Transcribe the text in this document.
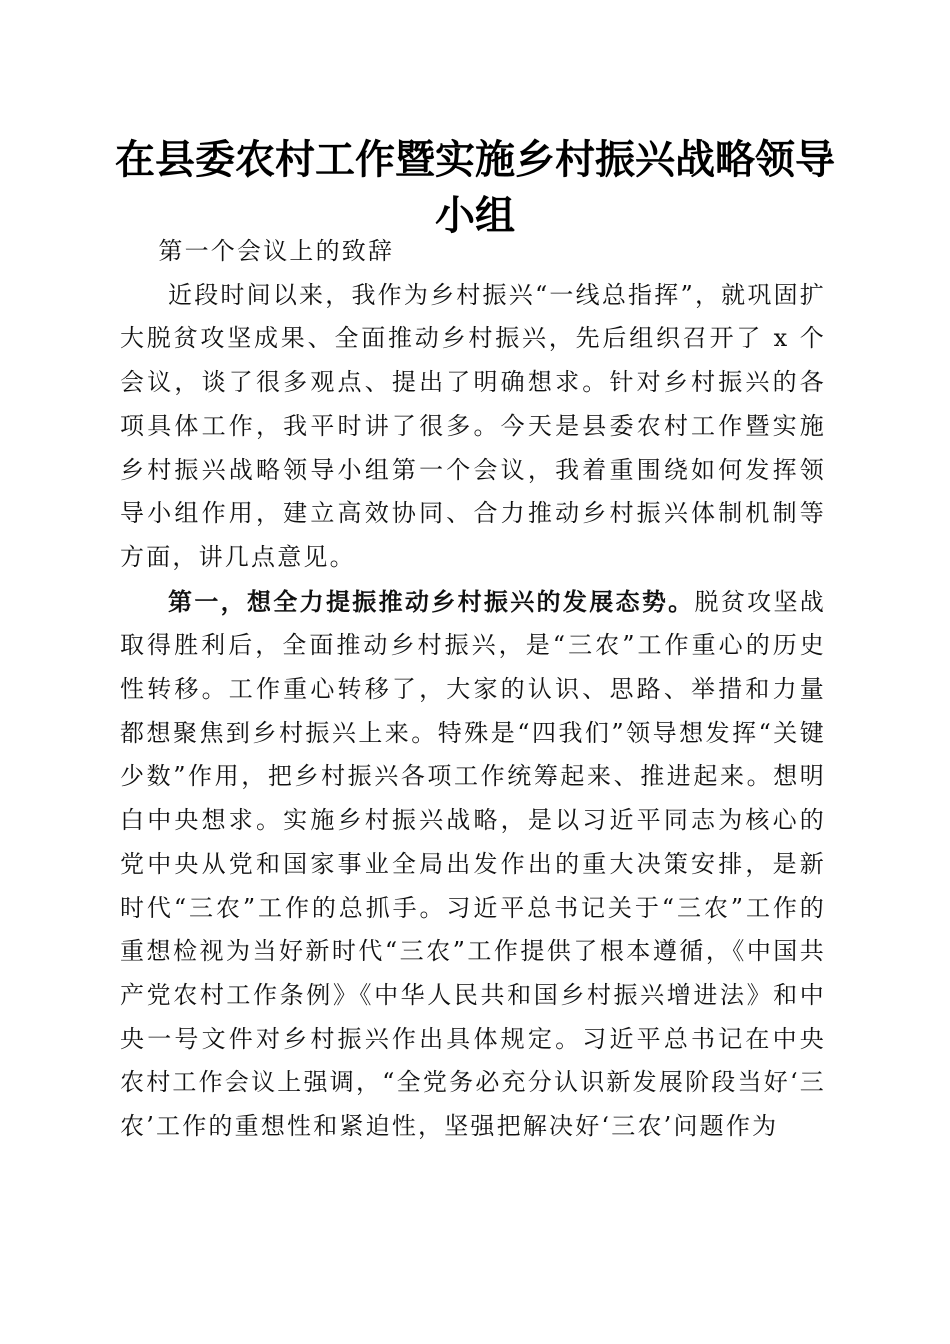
在县委农村工作暨实施乡村振兴战略领导小组

第一个会议上的致辞

近段时间以来，我作为乡村振兴“一线总指挥”，就巩固扩大脱贫攻坚成果、全面推动乡村振兴，先后组织召开了 x 个会议，谈了很多观点、提出了明确想求。针对乡村振兴的各项具体工作，我平时讲了很多。今天是县委农村工作暨实施乡村振兴战略领导小组第一个会议，我着重围绕如何发挥领导小组作用，建立高效协同、合力推动乡村振兴体制机制等方面，讲几点意见。

第一，想全力提振推动乡村振兴的发展态势。脱贫攻坚战取得胜利后，全面推动乡村振兴，是“三农”工作重心的历史性转移。工作重心转移了，大家的认识、思路、举措和力量都想聚焦到乡村振兴上来。特殊是“四我们”领导想发挥“关键少数”作用，把乡村振兴各项工作统筹起来、推进起来。想明白中央想求。实施乡村振兴战略，是以习近平同志为核心的党中央从党和国家事业全局出发作出的重大决策安排，是新时代“三农”工作的总抓手。习近平总书记关于“三农”工作的重想检视为当好新时代“三农”工作提供了根本遵循，《中国共产党农村工作条例》《中华人民共和国乡村振兴增进法》和中央一号文件对乡村振兴作出具体规定。习近平总书记在中央农村工作会议上强调，“全党务必充分认识新发展阶段当好‘三农’工作的重想性和紧迫性，坚强把解决好‘三农’问题作为
